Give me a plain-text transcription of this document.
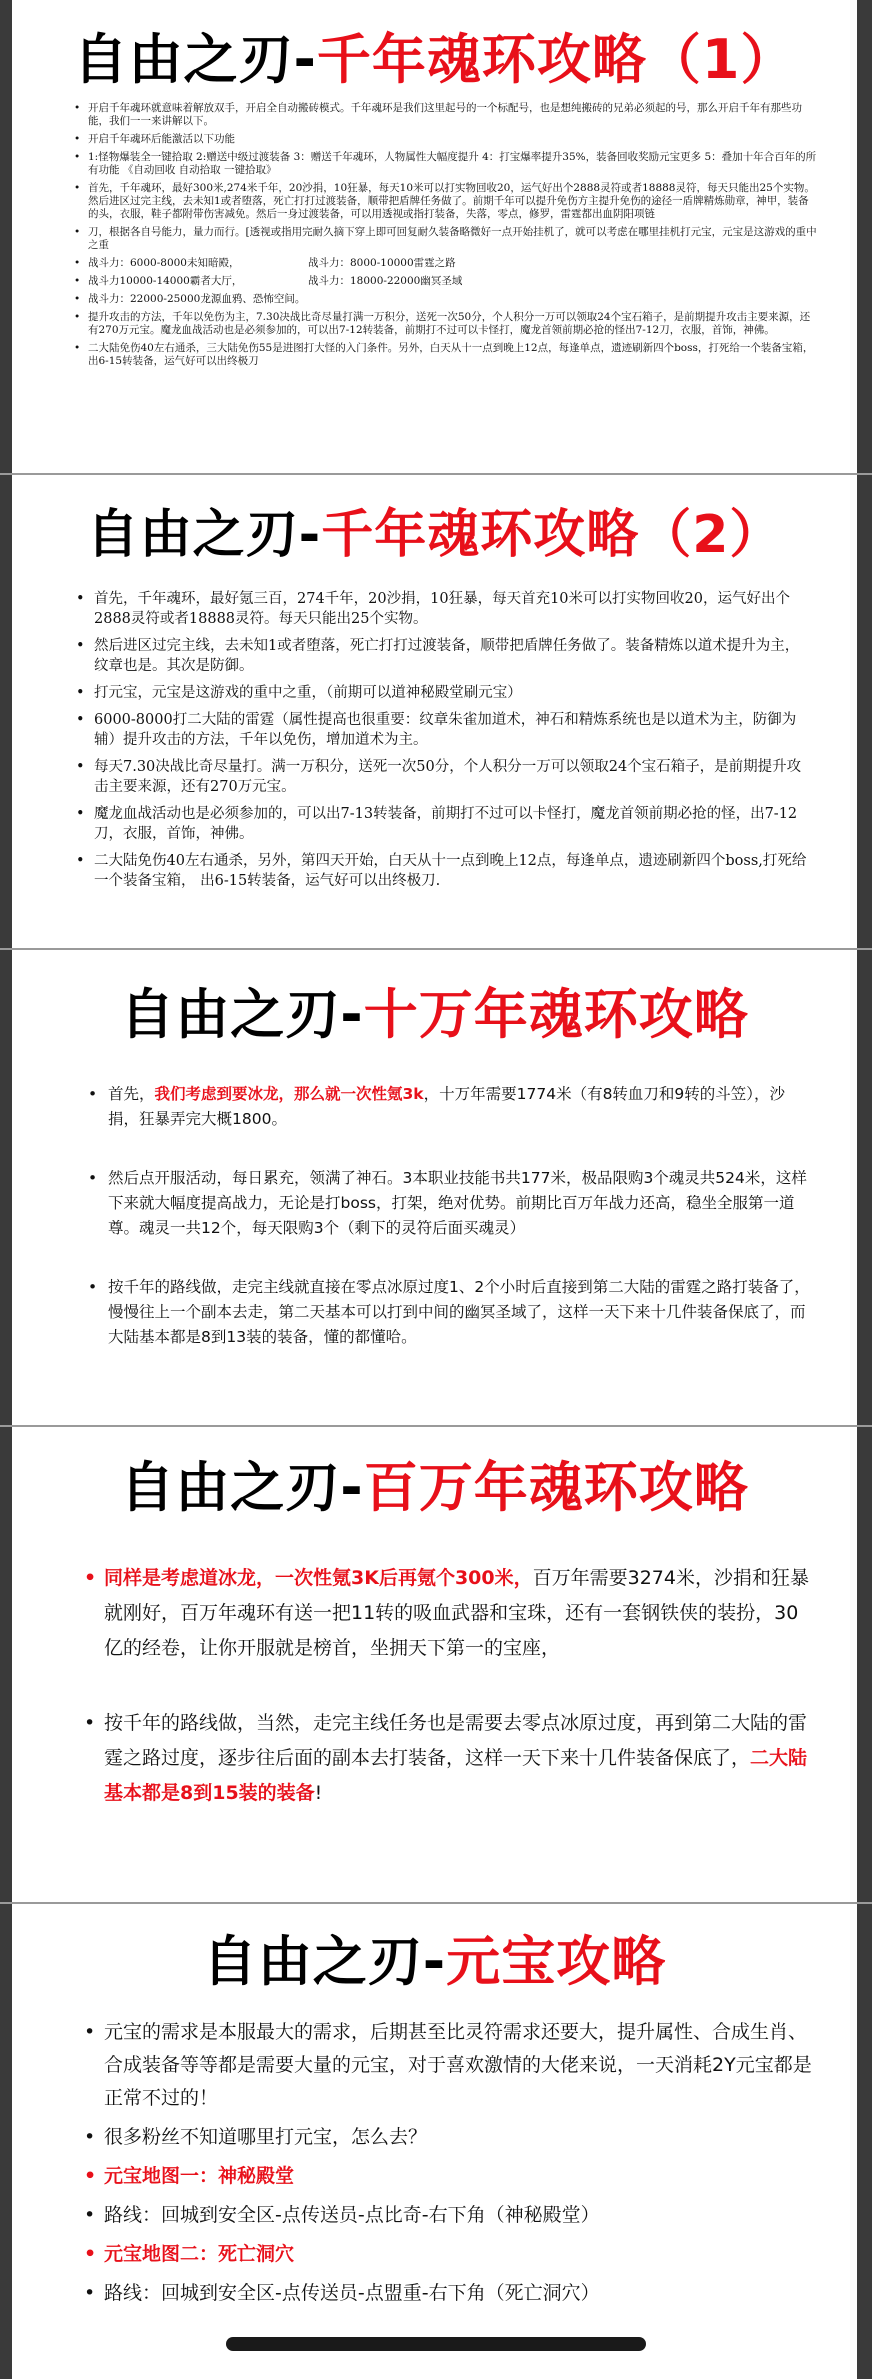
自由之刃-千年魂环攻略（1）
• 开启千年魂环就意味着解放双手，开启全自动搬砖模式。千年魂环是我们这里起号的一个标配号，也是想纯搬砖的兄弟必须起的号，那么开启千年有那些功能，我们一一来讲解以下。
• 开启千年魂环后能激活以下功能
• 1:怪物爆装全一键拾取 2:赠送中级过渡装备 3：赠送千年魂环，人物属性大幅度提升 4：打宝爆率提升35%，装备回收奖励元宝更多 5：叠加十年合百年的所有功能 《自动回收 自动拾取 一键拾取》
• 首先，千年魂环，最好300米,274米千年，20沙捐，10狂暴，每天10米可以打实物回收20，运气好出个2888灵符或者18888灵符，每天只能出25个实物。然后进区过完主线，去未知1或者堕落，死亡打打过渡装备，顺带把盾牌任务做了。前期千年可以提升免伤方主提升免伤的途径一盾牌精炼勋章，神甲，装备的头，衣服，鞋子都附带伤害减免。然后一身过渡装备，可以用透视或指打装备，失落，零点，修罗，雷霆都出血阴阳项链
• 刀，根据各自号能力，量力而行。[透视或指用完耐久摘下穿上即可回复耐久装备略微好一点开始挂机了，就可以考虑在哪里挂机打元宝，元宝是这游戏的重中之重
• 战斗力：6000-8000未知暗殿，	战斗力：8000-10000雷霆之路
• 战斗力10000-14000霸者大厅，	战斗力：18000-22000幽冥圣域
• 战斗力：22000-25000龙源血鸦、恐怖空间。
• 提升攻击的方法，千年以免伤为主，7.30决战比奇尽量打满一万积分，送死一次50分，个人积分一万可以领取24个宝石箱子，是前期提升攻击主要来源，还有270万元宝。魔龙血战活动也是必须参加的，可以出7-12转装备，前期打不过可以卡怪打，魔龙首领前期必抢的怪出7-12刀，衣服，首饰，神佛。
• 二大陆免伤40左右通杀，三大陆免伤55是进图打大怪的入门条件。另外，白天从十一点到晚上12点，每逢单点，遗迹刷新四个boss，打死给一个装备宝箱，出6-15转装备，运气好可以出终极刀
自由之刃-千年魂环攻略（2）
• 首先，千年魂环，最好氪三百，274千年，20沙捐，10狂暴，每天首充10米可以打实物回收20，运气好出个2888灵符或者18888灵符。每天只能出25个实物。
• 然后进区过完主线，去未知1或者堕落，死亡打打过渡装备，顺带把盾牌任务做了。装备精炼以道术提升为主，纹章也是。其次是防御。
• 打元宝，元宝是这游戏的重中之重，（前期可以道神秘殿堂刷元宝）
• 6000-8000打二大陆的雷霆（属性提高也很重要：纹章朱雀加道术，神石和精炼系统也是以道术为主，防御为辅）提升攻击的方法，千年以免伤，增加道术为主。
• 每天7.30决战比奇尽量打。满一万积分，送死一次50分，个人积分一万可以领取24个宝石箱子，是前期提升攻击主要来源，还有270万元宝。
• 魔龙血战活动也是必须参加的，可以出7-13转装备，前期打不过可以卡怪打，魔龙首领前期必抢的怪，出7-12刀，衣服，首饰，神佛。
• 二大陆免伤40左右通杀，另外，第四天开始，白天从十一点到晚上12点，每逢单点，遗迹刷新四个boss,打死给一个装备宝箱， 出6-15转装备，运气好可以出终极刀.
自由之刃-十万年魂环攻略
• 首先，我们考虑到要冰龙，那么就一次性氪3k，十万年需要1774米（有8转血刀和9转的斗笠），沙捐，狂暴弄完大概1800。
• 然后点开服活动，每日累充，领满了神石。3本职业技能书共177米，极品限购3个魂灵共524米，这样下来就大幅度提高战力，无论是打boss，打架，绝对优势。前期比百万年战力还高，稳坐全服第一道尊。魂灵一共12个，每天限购3个（剩下的灵符后面买魂灵）
• 按千年的路线做，走完主线就直接在零点冰原过度1、2个小时后直接到第二大陆的雷霆之路打装备了，慢慢往上一个副本去走，第二天基本可以打到中间的幽冥圣域了，这样一天下来十几件装备保底了，而大陆基本都是8到13装的装备，懂的都懂哈。
自由之刃-百万年魂环攻略
• 同样是考虑道冰龙，一次性氪3K后再氪个300米，百万年需要3274米，沙捐和狂暴就刚好，百万年魂环有送一把11转的吸血武器和宝珠，还有一套钢铁侠的装扮，30亿的经卷，让你开服就是榜首，坐拥天下第一的宝座，
• 按千年的路线做，当然，走完主线任务也是需要去零点冰原过度，再到第二大陆的雷霆之路过度，逐步往后面的副本去打装备，这样一天下来十几件装备保底了，二大陆基本都是8到15装的装备!
自由之刃-元宝攻略
• 元宝的需求是本服最大的需求，后期甚至比灵符需求还要大，提升属性、合成生肖、合成装备等等都是需要大量的元宝，对于喜欢激情的大佬来说，一天消耗2Y元宝都是正常不过的！
• 很多粉丝不知道哪里打元宝，怎么去？
• 元宝地图一：神秘殿堂
• 路线：回城到安全区-点传送员-点比奇-右下角（神秘殿堂）
• 元宝地图二：死亡洞穴
• 路线：回城到安全区-点传送员-点盟重-右下角（死亡洞穴）
